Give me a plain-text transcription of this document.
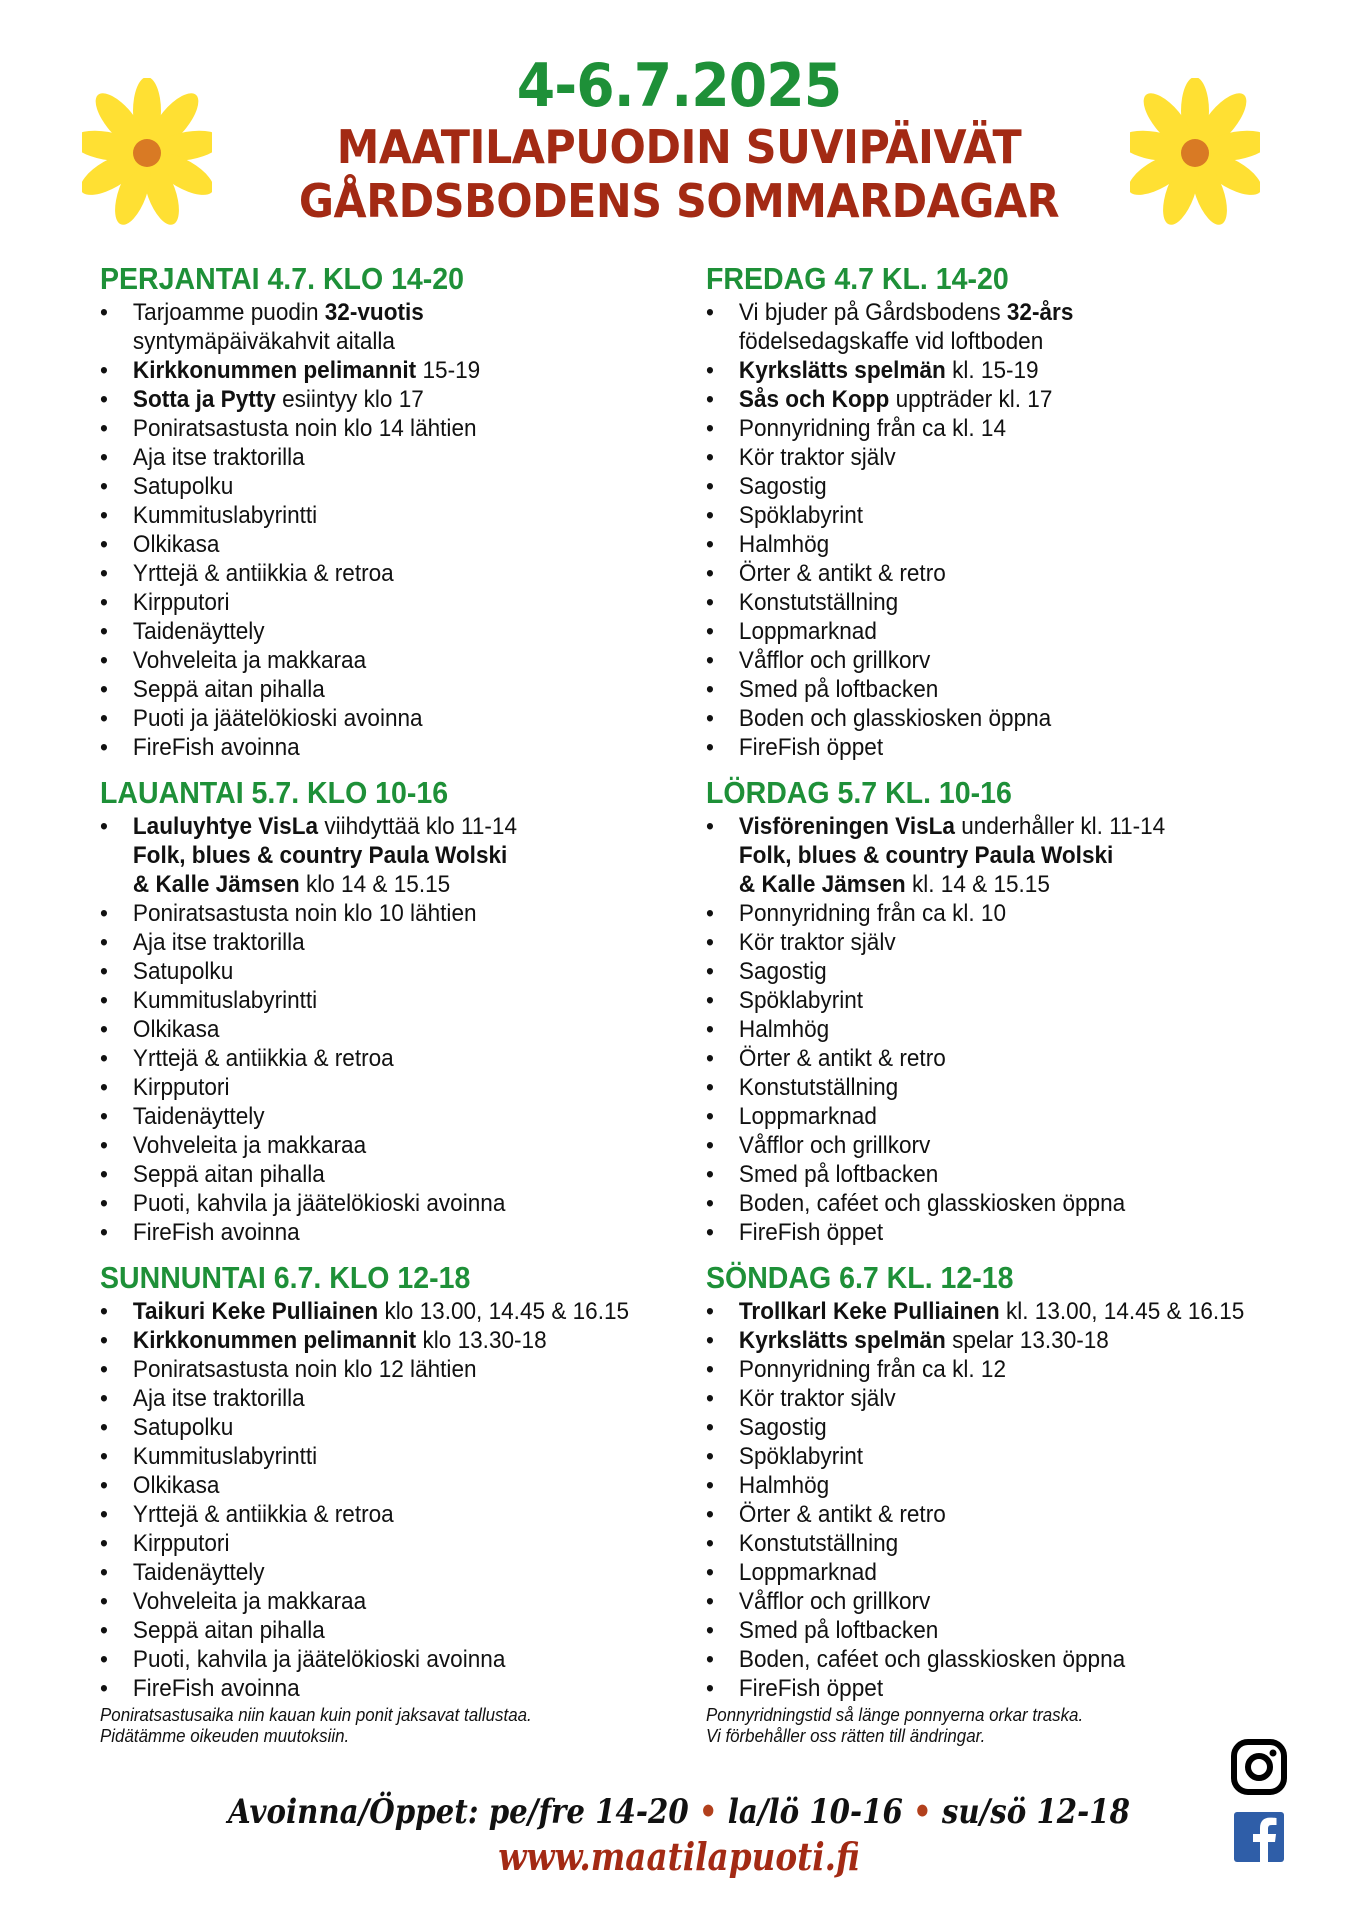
4-6.7.2025
MAATILAPUODIN SUVIPÄIVÄT
GÅRDSBODENS SOMMARDAGAR
PERJANTAI 4.7. KLO 14-20
• Tarjoamme puodin 32-vuotis
syntymäpäiväkahvit aitalla
• Kirkkonummen pelimannit 15-19
• Sotta ja Pytty esiintyy klo 17
• Poniratsastusta noin klo 14 lähtien
• Aja itse traktorilla
• Satupolku
• Kummituslabyrintti
• Olkikasa
• Yrttejä & antiikkia & retroa
• Kirpputori
• Taidenäyttely
• Vohveleita ja makkaraa
• Seppä aitan pihalla
• Puoti ja jäätelökioski avoinna
• FireFish avoinna
LAUANTAI 5.7. KLO 10-16
• Lauluyhtye VisLa viihdyttää klo 11-14
Folk, blues & country Paula Wolski
& Kalle Jämsen klo 14 & 15.15
• Poniratsastusta noin klo 10 lähtien
• Aja itse traktorilla
• Satupolku
• Kummituslabyrintti
• Olkikasa
• Yrttejä & antiikkia & retroa
• Kirpputori
• Taidenäyttely
• Vohveleita ja makkaraa
• Seppä aitan pihalla
• Puoti, kahvila ja jäätelökioski avoinna
• FireFish avoinna
SUNNUNTAI 6.7. KLO 12-18
• Taikuri Keke Pulliainen klo 13.00, 14.45 & 16.15
• Kirkkonummen pelimannit klo 13.30-18
• Poniratsastusta noin klo 12 lähtien
• Aja itse traktorilla
• Satupolku
• Kummituslabyrintti
• Olkikasa
• Yrttejä & antiikkia & retroa
• Kirpputori
• Taidenäyttely
• Vohveleita ja makkaraa
• Seppä aitan pihalla
• Puoti, kahvila ja jäätelökioski avoinna
• FireFish avoinna
Poniratsastusaika niin kauan kuin ponit jaksavat tallustaa.
Pidätämme oikeuden muutoksiin.
FREDAG 4.7 KL. 14-20
• Vi bjuder på Gårdsbodens 32-års
födelsedagskaffe vid loftboden
• Kyrkslätts spelmän kl. 15-19
• Sås och Kopp uppträder kl. 17
• Ponnyridning från ca kl. 14
• Kör traktor själv
• Sagostig
• Spöklabyrint
• Halmhög
• Örter & antikt & retro
• Konstutställning
• Loppmarknad
• Våfflor och grillkorv
• Smed på loftbacken
• Boden och glasskiosken öppna
• FireFish öppet
LÖRDAG 5.7 KL. 10-16
• Visföreningen VisLa underhåller kl. 11-14
Folk, blues & country Paula Wolski
& Kalle Jämsen kl. 14 & 15.15
• Ponnyridning från ca kl. 10
• Kör traktor själv
• Sagostig
• Spöklabyrint
• Halmhög
• Örter & antikt & retro
• Konstutställning
• Loppmarknad
• Våfflor och grillkorv
• Smed på loftbacken
• Boden, caféet och glasskiosken öppna
• FireFish öppet
SÖNDAG 6.7 KL. 12-18
• Trollkarl Keke Pulliainen kl. 13.00, 14.45 & 16.15
• Kyrkslätts spelmän spelar 13.30-18
• Ponnyridning från ca kl. 12
• Kör traktor själv
• Sagostig
• Spöklabyrint
• Halmhög
• Örter & antikt & retro
• Konstutställning
• Loppmarknad
• Våfflor och grillkorv
• Smed på loftbacken
• Boden, caféet och glasskiosken öppna
• FireFish öppet
Ponnyridningstid så länge ponnyerna orkar traska.
Vi förbehåller oss rätten till ändringar.
Avoinna/Öppet: pe/fre 14-20 • la/lö 10-16 • su/sö 12-18
www.maatilapuoti.fi
